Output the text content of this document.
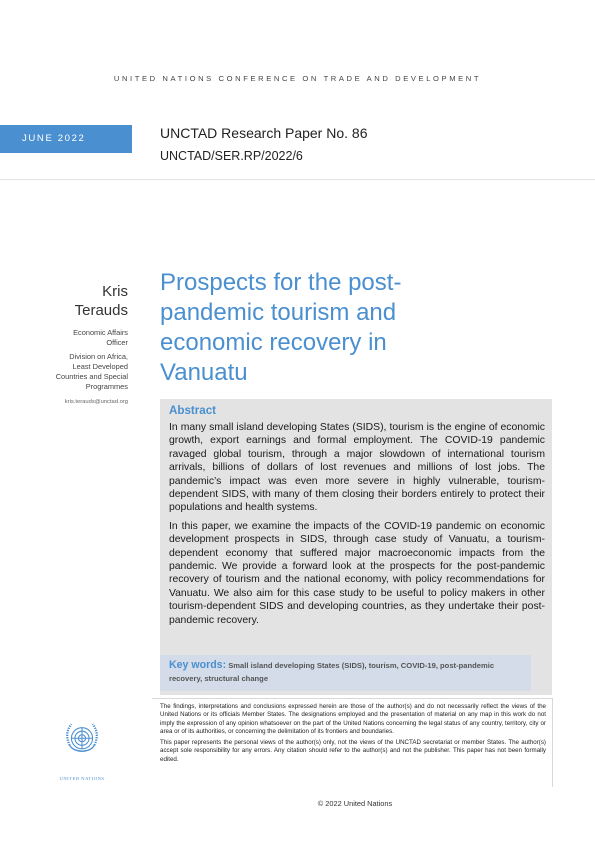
UNITED NATIONS CONFERENCE ON TRADE AND DEVELOPMENT
JUNE 2022	UNCTAD Research Paper No. 86
UNCTAD/SER.RP/2022/6
Kris
Terauds
Economic Affairs
Officer
Division on Africa,
Least Developed
Countries and Special
Programmes
kris.terauds@unctad.org
Prospects for the post-
pandemic tourism and
economic recovery in
Vanuatu
Abstract

In many small island developing States (SIDS), tourism is the engine of economic growth, export earnings and formal employment. The COVID-19 pandemic ravaged global tourism, through a major slowdown of international tourism arrivals, billions of dollars of lost revenues and millions of lost jobs. The pandemic’s impact was even more severe in highly vulnerable, tourism-dependent SIDS, with many of them closing their borders entirely to protect their populations and health systems.

In this paper, we examine the impacts of the COVID-19 pandemic on economic development prospects in SIDS, through case study of Vanuatu, a tourism-dependent economy that suffered major macroeconomic impacts from the pandemic. We provide a forward look at the prospects for the post-pandemic recovery of tourism and the national economy, with policy recommendations for Vanuatu. We also aim for this case study to be useful to policy makers in other tourism-dependent SIDS and developing countries, as they undertake their post-pandemic recovery.

Key words: Small island developing States (SIDS), tourism, COVID-19, post-pandemic recovery, structural change

The findings, interpretations and conclusions expressed herein are those of the author(s) and do not necessarily reflect the views of the United Nations or its officials Member States. The designations employed and the presentation of material on any map in this work do not imply the expression of any opinion whatsoever on the part of the United Nations concerning the legal status of any country, territory, city or area or of its authorities, or concerning the delimitation of its frontiers and boundaries.

This paper represents the personal views of the author(s) only, not the views of the UNCTAD secretariat or member States. The author(s) accept sole responsibility for any errors. Any citation should refer to the author(s) and not the publisher. This paper has not been formally edited.

UNITED NATIONS
© 2022 United Nations
